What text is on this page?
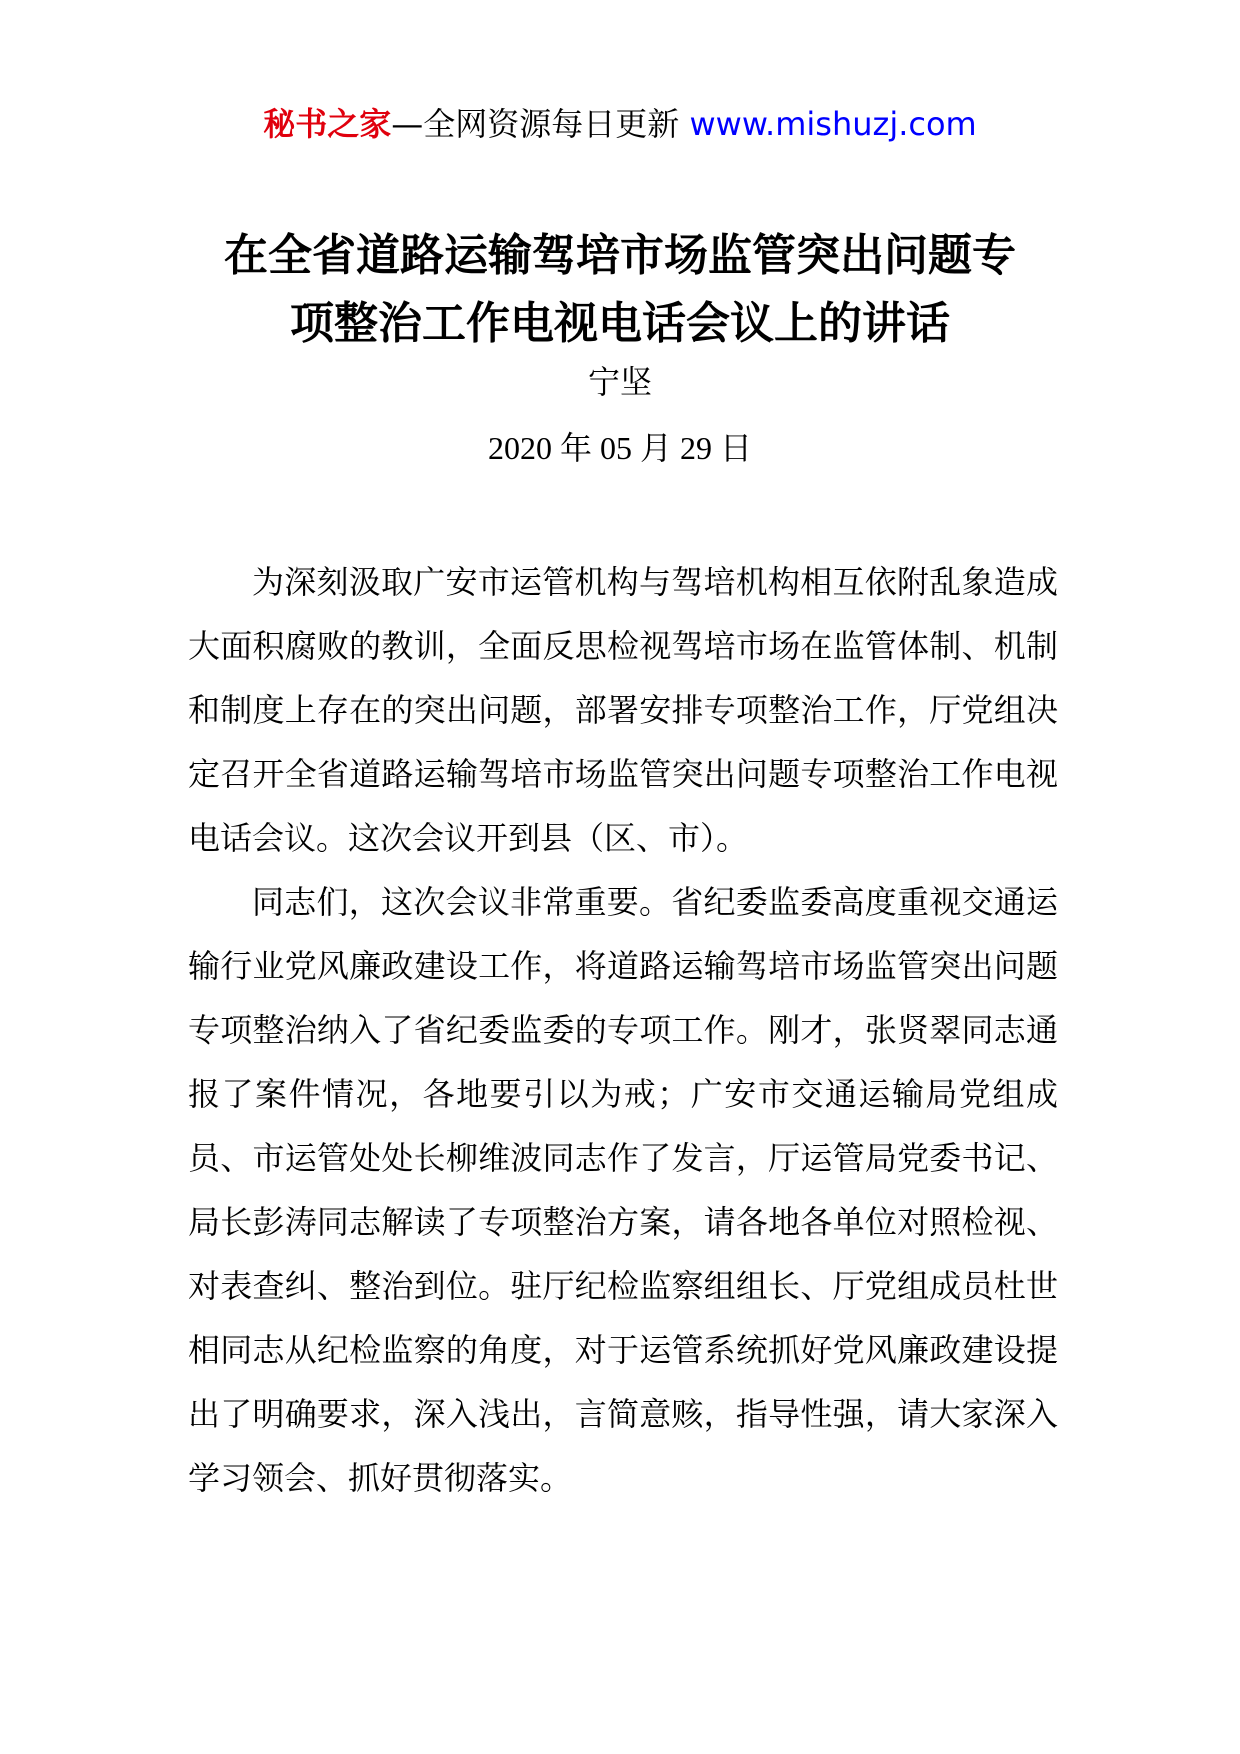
秘书之家—全网资源每日更新 www.mishuzj.com
在全省道路运输驾培市场监管突出问题专
项整治工作电视电话会议上的讲话
宁坚
2020 年 05 月 29 日

为深刻汲取广安市运管机构与驾培机构相互依附乱象造成大面积腐败的教训，全面反思检视驾培市场在监管体制、机制和制度上存在的突出问题，部署安排专项整治工作，厅党组决定召开全省道路运输驾培市场监管突出问题专项整治工作电视电话会议。这次会议开到县（区、市）。

同志们，这次会议非常重要。省纪委监委高度重视交通运输行业党风廉政建设工作，将道路运输驾培市场监管突出问题专项整治纳入了省纪委监委的专项工作。刚才，张贤翠同志通报了案件情况，各地要引以为戒；广安市交通运输局党组成员、市运管处处长柳维波同志作了发言，厅运管局党委书记、局长彭涛同志解读了专项整治方案，请各地各单位对照检视、对表查纠、整治到位。驻厅纪检监察组组长、厅党组成员杜世相同志从纪检监察的角度，对于运管系统抓好党风廉政建设提出了明确要求，深入浅出，言简意赅，指导性强，请大家深入学习领会、抓好贯彻落实。
